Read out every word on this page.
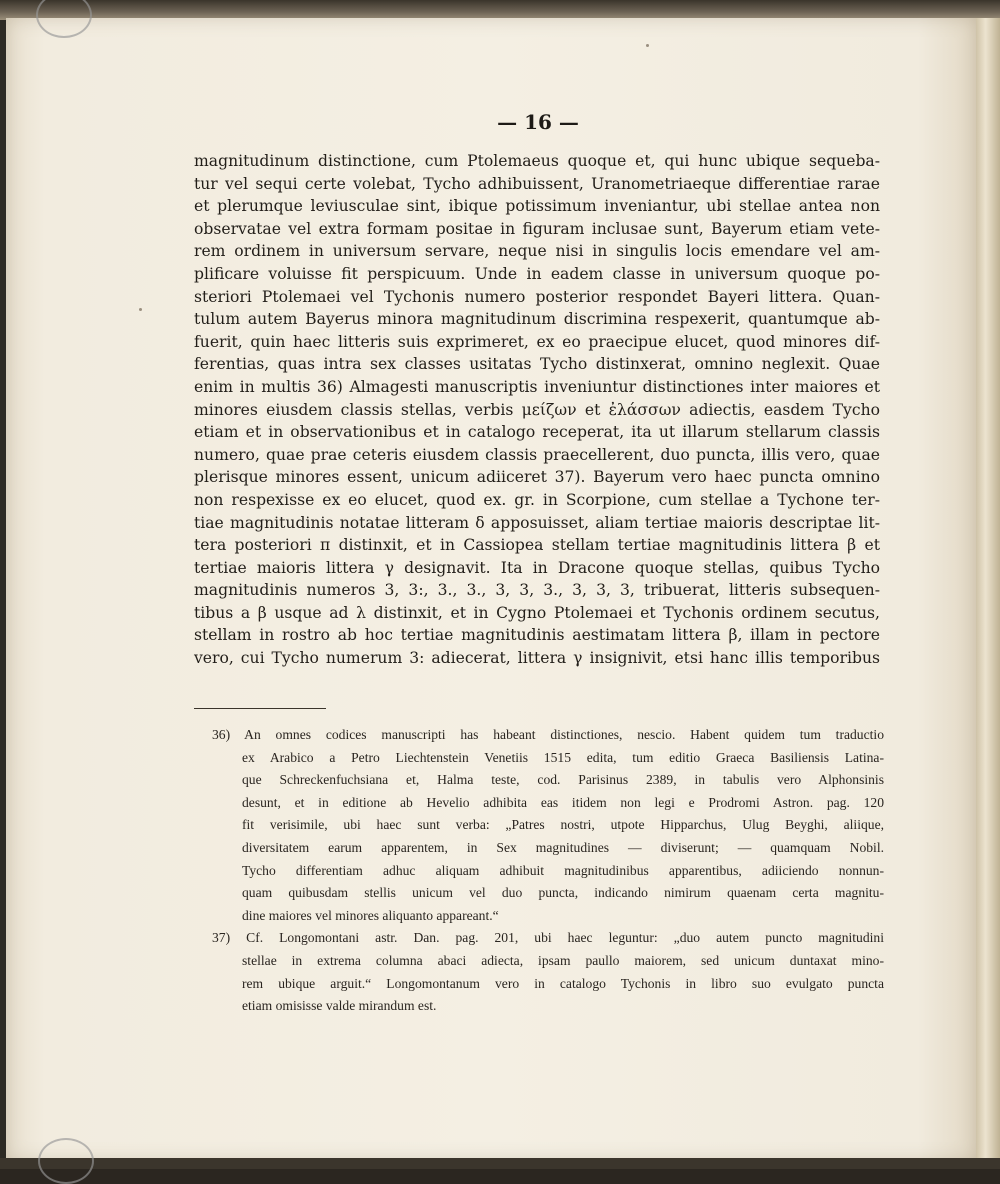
— 16 —
magnitudinum distinctione, cum Ptolemaeus quoque et, qui hunc ubique sequeba-
tur vel sequi certe volebat, Tycho adhibuissent, Uranometriaeque differentiae rarae
et plerumque leviusculae sint, ibique potissimum inveniantur, ubi stellae antea non
observatae vel extra formam positae in figuram inclusae sunt, Bayerum etiam vete-
rem ordinem in universum servare, neque nisi in singulis locis emendare vel am-
plificare voluisse fit perspicuum. Unde in eadem classe in universum quoque po-
steriori Ptolemaei vel Tychonis numero posterior respondet Bayeri littera. Quan-
tulum autem Bayerus minora magnitudinum discrimina respexerit, quantumque ab-
fuerit, quin haec litteris suis exprimeret, ex eo praecipue elucet, quod minores dif-
ferentias, quas intra sex classes usitatas Tycho distinxerat, omnino neglexit. Quae
enim in multis 36) Almagesti manuscriptis inveniuntur distinctiones inter maiores et
minores eiusdem classis stellas, verbis μείζων et ἐλάσσων adiectis, easdem Tycho
etiam et in observationibus et in catalogo receperat, ita ut illarum stellarum classis
numero, quae prae ceteris eiusdem classis praecellerent, duo puncta, illis vero, quae
plerisque minores essent, unicum adiiceret 37). Bayerum vero haec puncta omnino
non respexisse ex eo elucet, quod ex. gr. in Scorpione, cum stellae a Tychone ter-
tiae magnitudinis notatae litteram δ apposuisset, aliam tertiae maioris descriptae lit-
tera posteriori π distinxit, et in Cassiopea stellam tertiae magnitudinis littera β et
tertiae maioris littera γ designavit. Ita in Dracone quoque stellas, quibus Tycho
magnitudinis numeros 3, 3:, 3., 3., 3, 3, 3., 3, 3, 3, tribuerat, litteris subsequen-
tibus a β usque ad λ distinxit, et in Cygno Ptolemaei et Tychonis ordinem secutus,
stellam in rostro ab hoc tertiae magnitudinis aestimatam littera β, illam in pectore
vero, cui Tycho numerum 3: adiecerat, littera γ insignivit, etsi hanc illis temporibus
36) An omnes codices manuscripti has habeant distinctiones, nescio. Habent quidem tum traductio
ex Arabico a Petro Liechtenstein Venetiis 1515 edita, tum editio Graeca Basiliensis Latina-
que Schreckenfuchsiana et, Halma teste, cod. Parisinus 2389, in tabulis vero Alphonsinis
desunt, et in editione ab Hevelio adhibita eas itidem non legi e Prodromi Astron. pag. 120
fit verisimile, ubi haec sunt verba: „Patres nostri, utpote Hipparchus, Ulug Beyghi, aliique,
diversitatem earum apparentem, in Sex magnitudines — diviserunt; — quamquam Nobil.
Tycho differentiam adhuc aliquam adhibuit magnitudinibus apparentibus, adiiciendo nonnun-
quam quibusdam stellis unicum vel duo puncta, indicando nimirum quaenam certa magnitu-
dine maiores vel minores aliquanto appareant.“
37) Cf. Longomontani astr. Dan. pag. 201, ubi haec leguntur: „duo autem puncto magnitudini
stellae in extrema columna abaci adiecta, ipsam paullo maiorem, sed unicum duntaxat mino-
rem ubique arguit.“ Longomontanum vero in catalogo Tychonis in libro suo evulgato puncta
etiam omisisse valde mirandum est.
